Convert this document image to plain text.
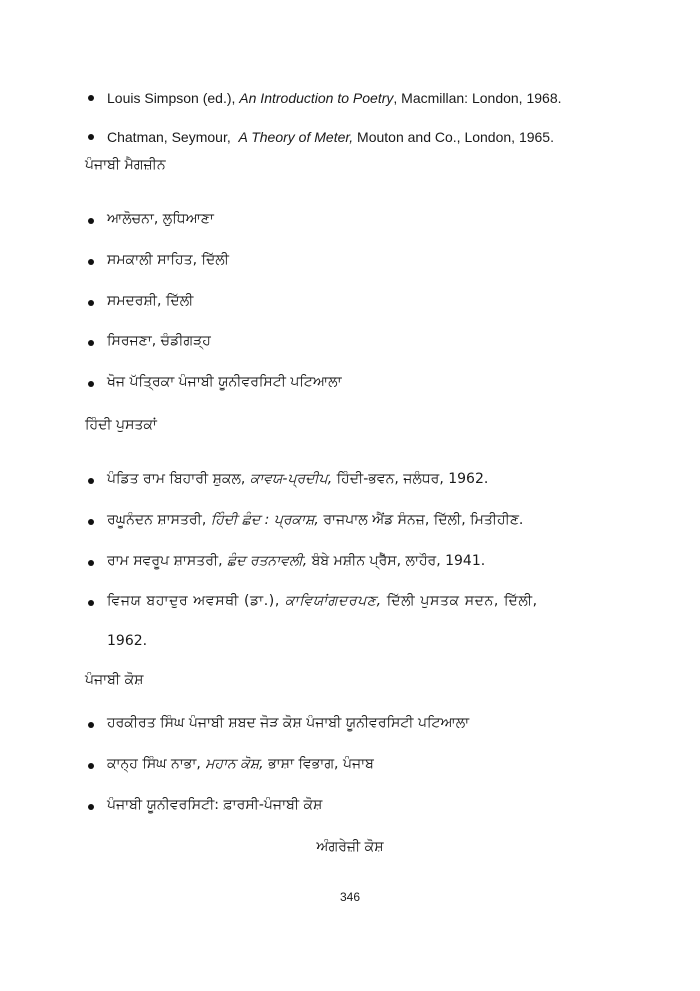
Louis Simpson (ed.), An Introduction to Poetry, Macmillan: London, 1968.
Chatman, Seymour,  A Theory of Meter, Mouton and Co., London, 1965.
ਪੰਜਾਬੀ ਮੈਗਜ਼ੀਨ
ਆਲੋਚਨਾ, ਲੁਧਿਆਣਾ
ਸਮਕਾਲੀ ਸਾਹਿਤ, ਦਿੱਲੀ
ਸਮਦਰਸ਼ੀ, ਦਿੱਲੀ
ਸਿਰਜਣਾ, ਚੰਡੀਗੜ੍ਹ
ਖੋਜ ਪੱਤ੍ਰਿਕਾ ਪੰਜਾਬੀ ਯੂਨੀਵਰਸਿਟੀ ਪਟਿਆਲਾ
ਹਿੰਦੀ ਪੁਸਤਕਾਂ
ਪੰਡਿਤ ਰਾਮ ਬਿਹਾਰੀ ਸ਼ੁਕਲ, ਕਾਵਯ-ਪ੍ਰਦੀਪ, ਹਿੰਦੀ-ਭਵਨ, ਜਲੰਧਰ, 1962.
ਰਘੂਨੰਦਨ ਸ਼ਾਸਤਰੀ, ਹਿੰਦੀ ਛੰਦ : ਪ੍ਰਕਾਸ਼, ਰਾਜਪਾਲ ਐਂਡ ਸੰਨਜ਼, ਦਿੱਲੀ, ਮਿਤੀਹੀਣ.
ਰਾਮ ਸਵਰੂਪ ਸ਼ਾਸਤਰੀ, ਛੰਦ ਰਤਨਾਵਲੀ, ਬੰਬੇ ਮਸ਼ੀਨ ਪ੍ਰੈੱਸ, ਲਾਹੌਰ, 1941.
ਵਿਜਯ ਬਹਾਦੁਰ ਅਵਸਥੀ (ਡਾ.), ਕਾਵਿਯਾਂਗਦਰਪਣ, ਦਿੱਲੀ ਪੁਸਤਕ ਸਦਨ, ਦਿੱਲੀ,
1962.
ਪੰਜਾਬੀ ਕੋਸ਼
ਹਰਕੀਰਤ ਸਿੰਘ ਪੰਜਾਬੀ ਸ਼ਬਦ ਜੋੜ ਕੋਸ਼ ਪੰਜਾਬੀ ਯੂਨੀਵਰਸਿਟੀ ਪਟਿਆਲਾ
ਕਾਨ੍ਹ ਸਿੰਘ ਨਾਭਾ, ਮਹਾਨ ਕੋਸ਼, ਭਾਸ਼ਾ ਵਿਭਾਗ, ਪੰਜਾਬ
ਪੰਜਾਬੀ ਯੂਨੀਵਰਸਿਟੀ: ਫ਼ਾਰਸੀ-ਪੰਜਾਬੀ ਕੋਸ਼
ਅੰਗਰੇਜ਼ੀ ਕੋਸ਼
346
